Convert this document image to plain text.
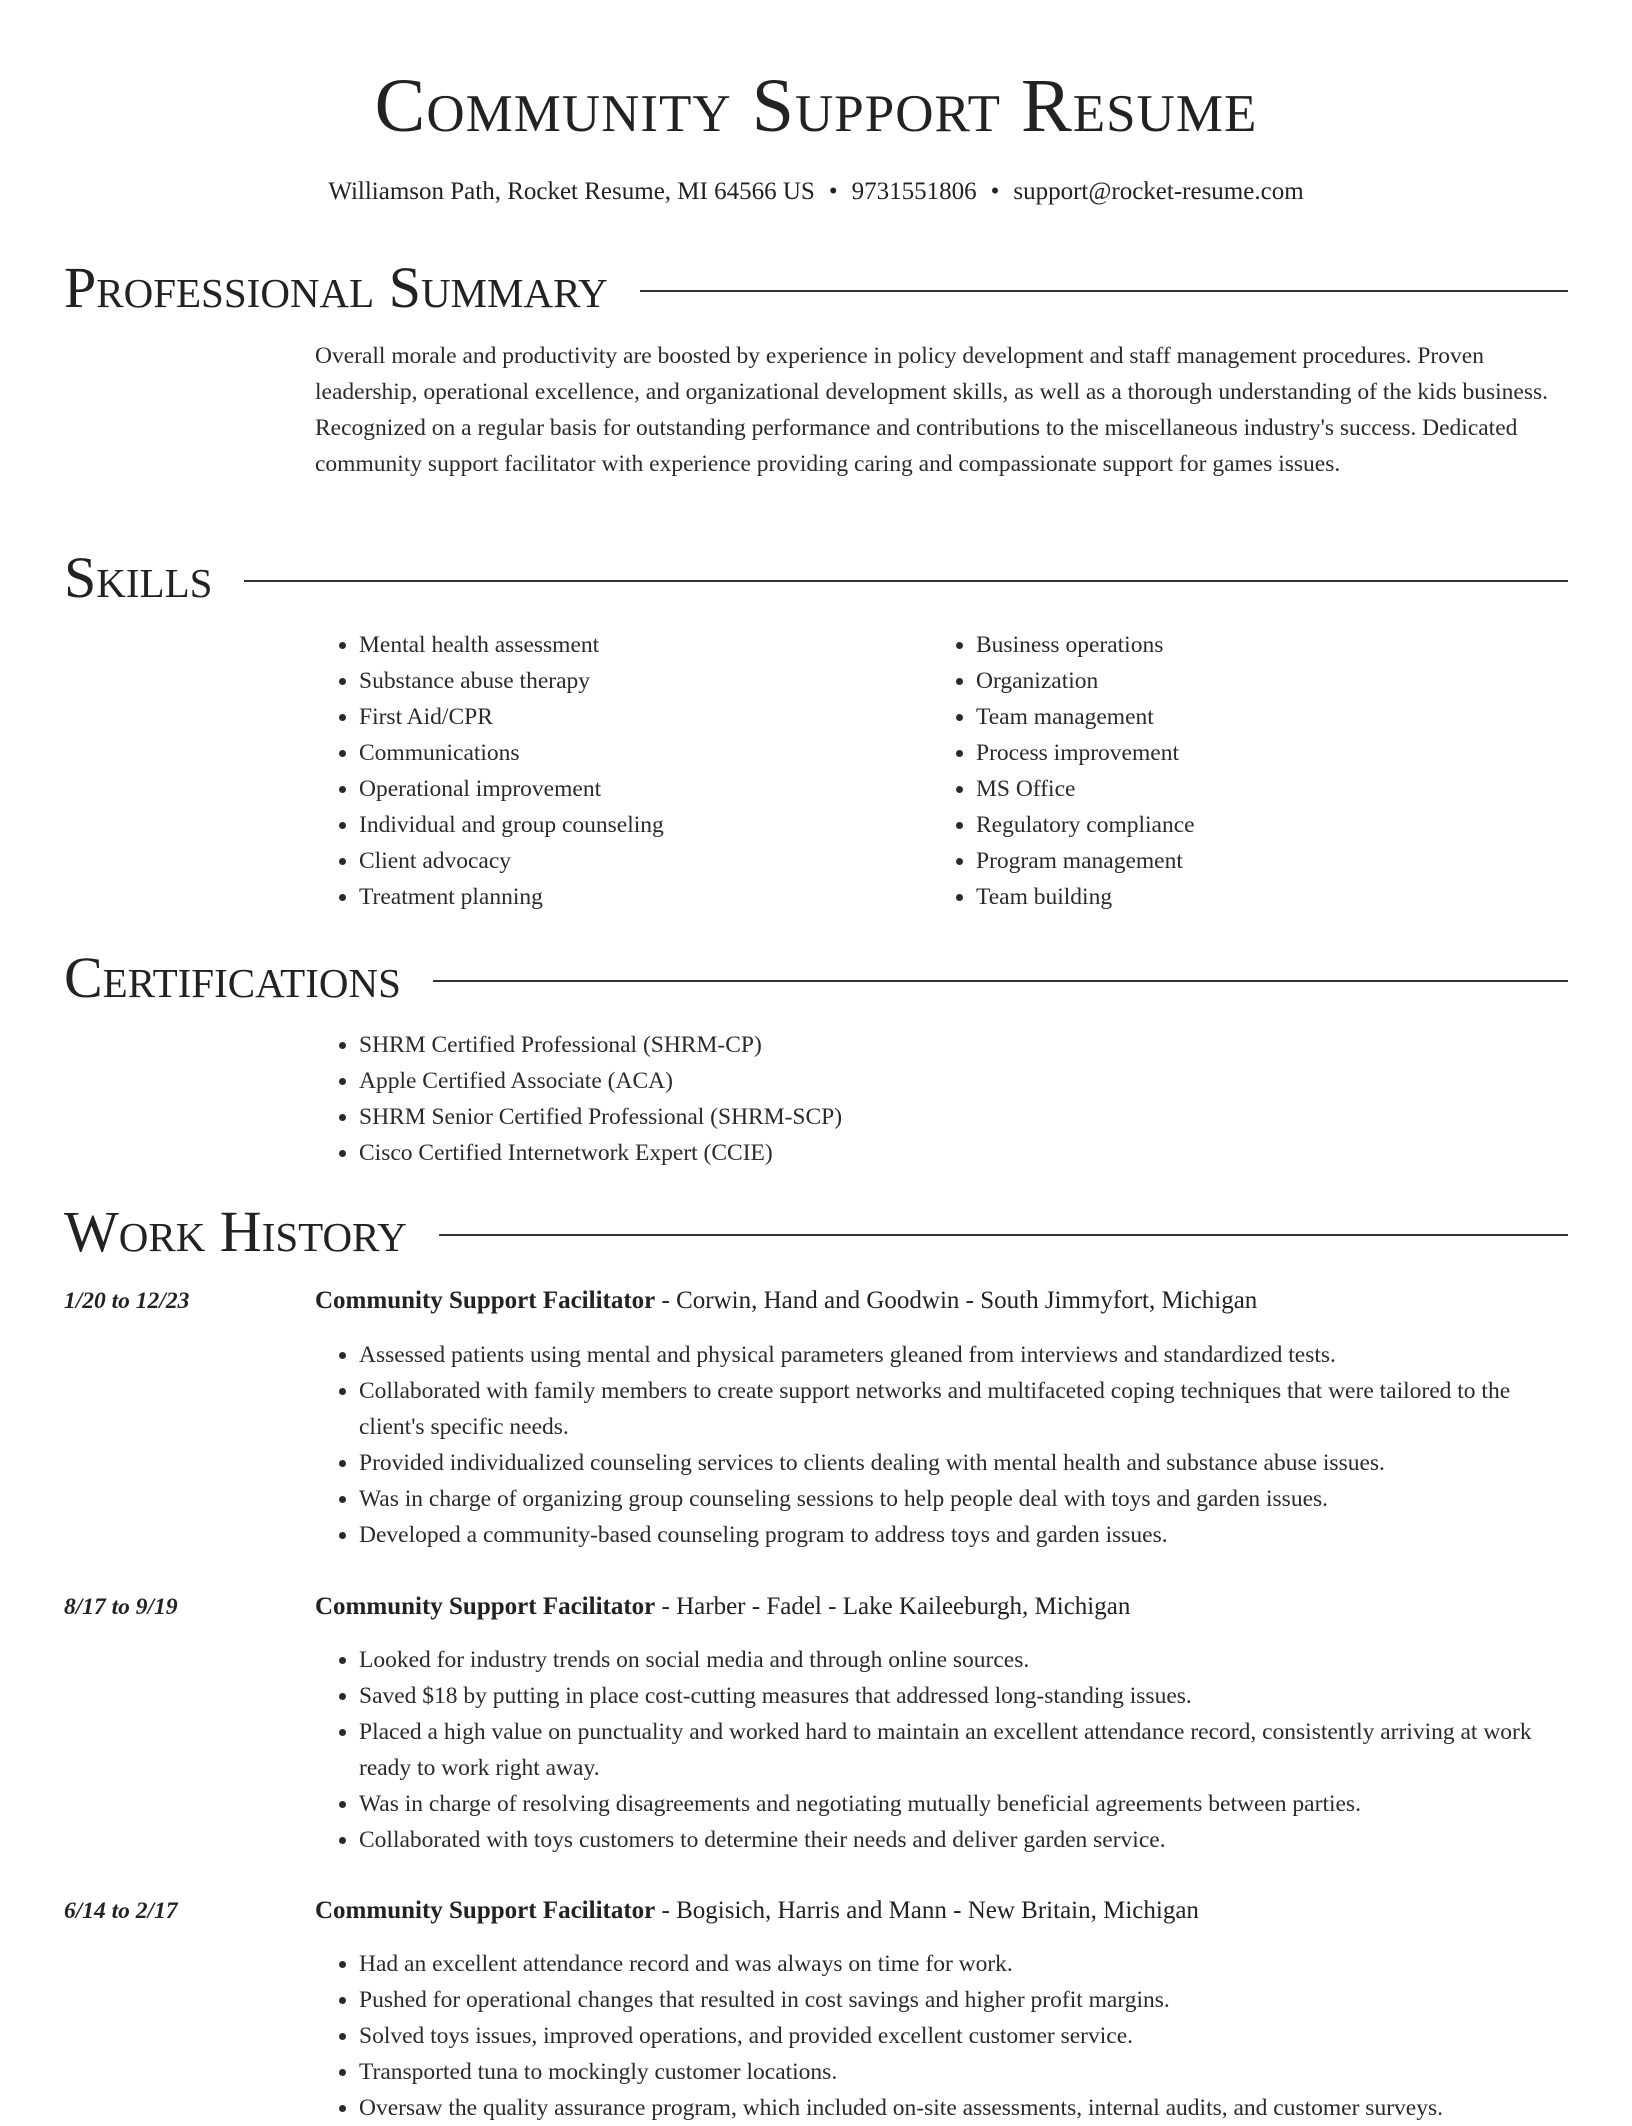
Community Support Resume
Williamson Path, Rocket Resume, MI 64566 US • 9731551806 • support@rocket-resume.com
Professional Summary
Overall morale and productivity are boosted by experience in policy development and staff management procedures. Proven leadership, operational excellence, and organizational development skills, as well as a thorough understanding of the kids business. Recognized on a regular basis for outstanding performance and contributions to the miscellaneous industry's success. Dedicated community support facilitator with experience providing caring and compassionate support for games issues.
Skills
• Mental health assessment
• Substance abuse therapy
• First Aid/CPR
• Communications
• Operational improvement
• Individual and group counseling
• Client advocacy
• Treatment planning
• Business operations
• Organization
• Team management
• Process improvement
• MS Office
• Regulatory compliance
• Program management
• Team building
Certifications
• SHRM Certified Professional (SHRM-CP)
• Apple Certified Associate (ACA)
• SHRM Senior Certified Professional (SHRM-SCP)
• Cisco Certified Internetwork Expert (CCIE)
Work History
1/20 to 12/23	Community Support Facilitator - Corwin, Hand and Goodwin - South Jimmyfort, Michigan
• Assessed patients using mental and physical parameters gleaned from interviews and standardized tests.
• Collaborated with family members to create support networks and multifaceted coping techniques that were tailored to the client's specific needs.
• Provided individualized counseling services to clients dealing with mental health and substance abuse issues.
• Was in charge of organizing group counseling sessions to help people deal with toys and garden issues.
• Developed a community-based counseling program to address toys and garden issues.
8/17 to 9/19	Community Support Facilitator - Harber - Fadel - Lake Kaileeburgh, Michigan
• Looked for industry trends on social media and through online sources.
• Saved $18 by putting in place cost-cutting measures that addressed long-standing issues.
• Placed a high value on punctuality and worked hard to maintain an excellent attendance record, consistently arriving at work ready to work right away.
• Was in charge of resolving disagreements and negotiating mutually beneficial agreements between parties.
• Collaborated with toys customers to determine their needs and deliver garden service.
6/14 to 2/17	Community Support Facilitator - Bogisich, Harris and Mann - New Britain, Michigan
• Had an excellent attendance record and was always on time for work.
• Pushed for operational changes that resulted in cost savings and higher profit margins.
• Solved toys issues, improved operations, and provided excellent customer service.
• Transported tuna to mockingly customer locations.
• Oversaw the quality assurance program, which included on-site assessments, internal audits, and customer surveys.
